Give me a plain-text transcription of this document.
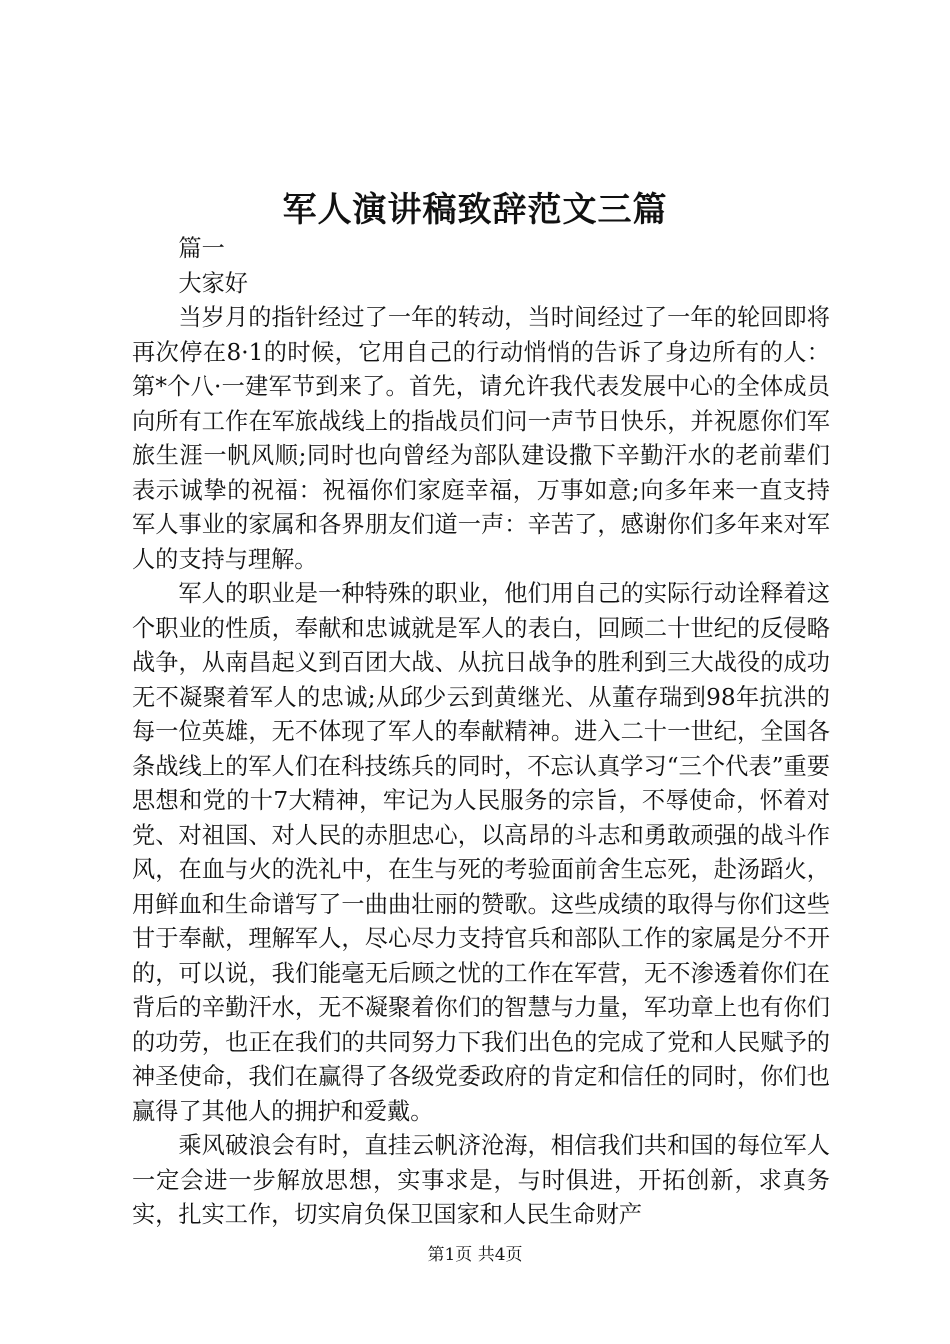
军人演讲稿致辞范文三篇

篇一

大家好

当岁月的指针经过了一年的转动，当时间经过了一年的轮回即将再次停在8·1的时候，它用自己的行动悄悄的告诉了身边所有的人：第*个八·一建军节到来了。首先，请允许我代表发展中心的全体成员向所有工作在军旅战线上的指战员们问一声节日快乐，并祝愿你们军旅生涯一帆风顺;同时也向曾经为部队建设撒下辛勤汗水的老前辈们表示诚挚的祝福：祝福你们家庭幸福，万事如意;向多年来一直支持军人事业的家属和各界朋友们道一声：辛苦了，感谢你们多年来对军人的支持与理解。

军人的职业是一种特殊的职业，他们用自己的实际行动诠释着这个职业的性质，奉献和忠诚就是军人的表白，回顾二十世纪的反侵略战争，从南昌起义到百团大战、从抗日战争的胜利到三大战役的成功无不凝聚着军人的忠诚;从邱少云到黄继光、从董存瑞到98年抗洪的每一位英雄，无不体现了军人的奉献精神。进入二十一世纪，全国各条战线上的军人们在科技练兵的同时，不忘认真学习“三个代表”重要思想和党的十7大精神，牢记为人民服务的宗旨，不辱使命，怀着对党、对祖国、对人民的赤胆忠心，以高昂的斗志和勇敢顽强的战斗作风，在血与火的洗礼中，在生与死的考验面前舍生忘死，赴汤蹈火，用鲜血和生命谱写了一曲曲壮丽的赞歌。这些成绩的取得与你们这些甘于奉献，理解军人，尽心尽力支持官兵和部队工作的家属是分不开的，可以说，我们能毫无后顾之忧的工作在军营，无不渗透着你们在背后的辛勤汗水，无不凝聚着你们的智慧与力量，军功章上也有你们的功劳，也正在我们的共同努力下我们出色的完成了党和人民赋予的神圣使命，我们在赢得了各级党委政府的肯定和信任的同时，你们也赢得了其他人的拥护和爱戴。

乘风破浪会有时，直挂云帆济沧海，相信我们共和国的每位军人一定会进一步解放思想，实事求是，与时俱进，开拓创新，求真务实，扎实工作，切实肩负保卫国家和人民生命财产

第1页 共4页
